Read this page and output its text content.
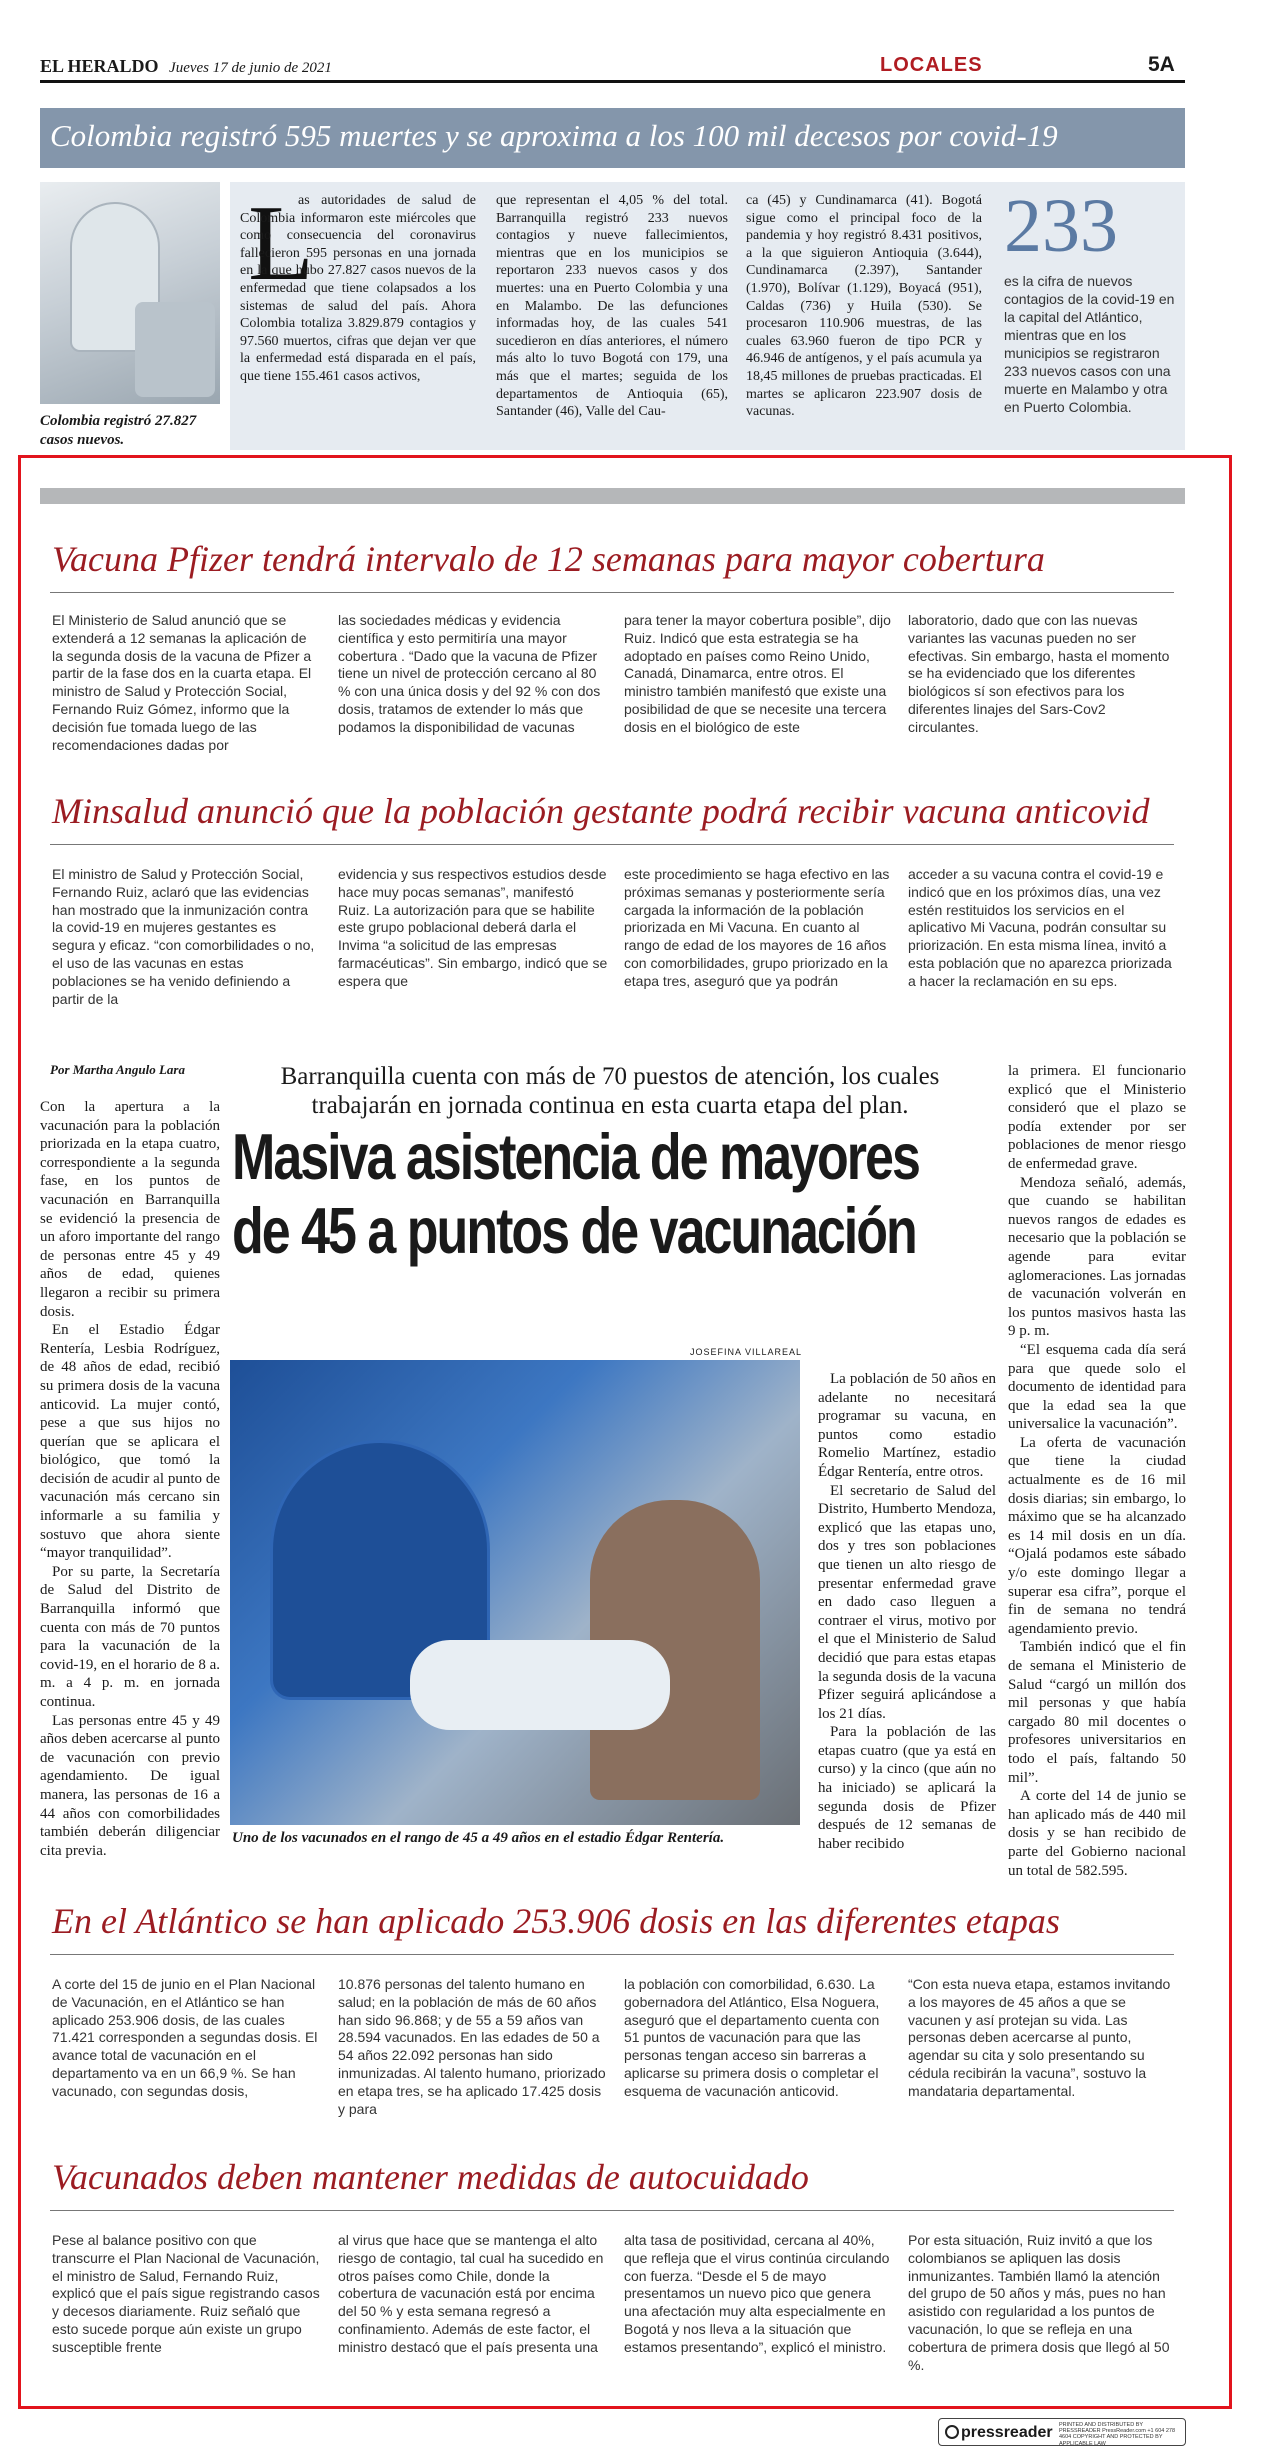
EL HERALDO Jueves 17 de junio de 2021	LOCALES	5A
Colombia registró 595 muertes y se aproxima a los 100 mil decesos por covid-19
Colombia registró 27.827 casos nuevos.
L
as autoridades de salud de Colombia informaron este miércoles que como consecuencia del coronavirus fallecieron 595 personas en una jornada en la que hubo 27.827 casos nuevos de la enfermedad que tiene colapsados a los sistemas de salud del país. Ahora Colombia totaliza 3.829.879 contagios y 97.560 muertos, cifras que dejan ver que la enfermedad está disparada en el país, que tiene 155.461 casos activos,
que representan el 4,05 % del total. Barranquilla registró 233 nuevos contagios y nueve fallecimientos, mientras que en los municipios se reportaron 233 nuevos casos y dos muertes: una en Puerto Colombia y una en Malambo. De las defunciones informadas hoy, de las cuales 541 sucedieron en días anteriores, el número más alto lo tuvo Bogotá con 179, una más que el martes; seguida de los departamentos de Antioquia (65), Santander (46), Valle del Cau-
ca (45) y Cundinamarca (41). Bogotá sigue como el principal foco de la pandemia y hoy registró 8.431 positivos, a la que siguieron Antioquia (3.644), Cundinamarca (2.397), Santander (1.970), Bolívar (1.129), Boyacá (951), Caldas (736) y Huila (530). Se procesaron 110.906 muestras, de las cuales 63.960 fueron de tipo PCR y 46.946 de antígenos, y el país acumula ya 18,45 millones de pruebas practicadas. El martes se aplicaron 223.907 dosis de vacunas.
233
es la cifra de nuevos contagios de la covid-19 en la capital del Atlántico, mientras que en los municipios se registraron 233 nuevos casos con una muerte en Malambo y otra en Puerto Colombia.
Vacuna Pfizer tendrá intervalo de 12 semanas para mayor cobertura
El Ministerio de Salud anunció que se extenderá a 12 semanas la aplicación de la segunda dosis de la vacuna de Pfizer a partir de la fase dos en la cuarta etapa. El ministro de Salud y Protección Social, Fernando Ruiz Gómez, informo que la decisión fue tomada luego de las recomendaciones dadas por
las sociedades médicas y evidencia científica y esto permitiría una mayor cobertura . “Dado que la vacuna de Pfizer tiene un nivel de protección cercano al 80 % con una única dosis y del 92 % con dos dosis, tratamos de extender lo más que podamos la disponibilidad de vacunas
para tener la mayor cobertura posible”, dijo Ruiz. Indicó que esta estrategia se ha adoptado en países como Reino Unido, Canadá, Dinamarca, entre otros. El ministro también manifestó que existe una posibilidad de que se necesite una tercera dosis en el biológico de este
laboratorio, dado que con las nuevas variantes las vacunas pueden no ser efectivas. Sin embargo, hasta el momento se ha evidenciado que los diferentes biológicos sí son efectivos para los diferentes linajes del Sars-Cov2 circulantes.
Minsalud anunció que la población gestante podrá recibir vacuna anticovid
El ministro de Salud y Protección Social, Fernando Ruiz, aclaró que las evidencias han mostrado que la inmunización contra la covid-19 en mujeres gestantes es segura y eficaz. “con comorbilidades o no, el uso de las vacunas en estas poblaciones se ha venido definiendo a partir de la
evidencia y sus respectivos estudios desde hace muy pocas semanas”, manifestó Ruiz. La autorización para que se habilite este grupo poblacional deberá darla el Invima “a solicitud de las empresas farmacéuticas”. Sin embargo, indicó que se espera que
este procedimiento se haga efectivo en las próximas semanas y posteriormente sería cargada la información de la población priorizada en Mi Vacuna. En cuanto al rango de edad de los mayores de 16 años con comorbilidades, grupo priorizado en la etapa tres, aseguró que ya podrán
acceder a su vacuna contra el covid-19 e indicó que en los próximos días, una vez estén restituidos los servicios en el aplicativo Mi Vacuna, podrán consultar su priorización. En esta misma línea, invitó a esta población que no aparezca priorizada a hacer la reclamación en su eps.
Por Martha Angulo Lara	Barranquilla cuenta con más de 70 puestos de atención, los cuales trabajarán en jornada continua en esta cuarta etapa del plan.
Masiva asistencia de mayores
de 45 a puntos de vacunación

Con la apertura a la vacunación para la población priorizada en la etapa cuatro, correspondiente a la segunda fase, en los puntos de vacunación en Barranquilla se evidenció la presencia de un aforo importante del rango de personas entre 45 y 49 años de edad, quienes llegaron a recibir su primera dosis.

En el Estadio Édgar Rentería, Lesbia Rodríguez, de 48 años de edad, recibió su primera dosis de la vacuna anticovid. La mujer contó, pese a que sus hijos no querían que se aplicara el biológico, que tomó la decisión de acudir al punto de vacunación más cercano sin informarle a su familia y sostuvo que ahora siente “mayor tranquilidad”.

Por su parte, la Secretaría de Salud del Distrito de Barranquilla informó que cuenta con más de 70 puntos para la vacunación de la covid-19, en el horario de 8 a. m. a 4 p. m. en jornada continua.

Las personas entre 45 y 49 años deben acercarse al punto de vacunación con previo agendamiento. De igual manera, las personas de 16 a 44 años con comorbilidades también deberán diligenciar cita previa.

JOSEFINA VILLAREAL
Uno de los vacunados en el rango de 45 a 49 años en el estadio Édgar Rentería.

La población de 50 años en adelante no necesitará programar su vacuna, en puntos como estadio Romelio Martínez, estadio Édgar Rentería, entre otros.

El secretario de Salud del Distrito, Humberto Mendoza, explicó que las etapas uno, dos y tres son poblaciones que tienen un alto riesgo de presentar enfermedad grave en dado caso lleguen a contraer el virus, motivo por el que el Ministerio de Salud decidió que para estas etapas la segunda dosis de la vacuna Pfizer seguirá aplicándose a los 21 días.

Para la población de las etapas cuatro (que ya está en curso) y la cinco (que aún no ha iniciado) se aplicará la segunda dosis de Pfizer después de 12 semanas de haber recibido

la primera. El funcionario explicó que el Ministerio consideró que el plazo se podía extender por ser poblaciones de menor riesgo de enfermedad grave.

Mendoza señaló, además, que cuando se habilitan nuevos rangos de edades es necesario que la población se agende para evitar aglomeraciones. Las jornadas de vacunación volverán en los puntos masivos hasta las 9 p. m.

“El esquema cada día será para que quede solo el documento de identidad para que la edad sea la que universalice la vacunación”.

La oferta de vacunación que tiene la ciudad actualmente es de 16 mil dosis diarias; sin embargo, lo máximo que se ha alcanzado es 14 mil dosis en un día. “Ojalá podamos este sábado y/o este domingo llegar a superar esa cifra”, porque el fin de semana no tendrá agendamiento previo.

También indicó que el fin de semana el Ministerio de Salud “cargó un millón dos mil personas y que había cargado 80 mil docentes o profesores universitarios en todo el país, faltando 50 mil”.

A corte del 14 de junio se han aplicado más de 440 mil dosis y se han recibido de parte del Gobierno nacional un total de 582.595.

En el Atlántico se han aplicado 253.906 dosis en las diferentes etapas
A corte del 15 de junio en el Plan Nacional de Vacunación, en el Atlántico se han aplicado 253.906 dosis, de las cuales 71.421 corresponden a segundas dosis. El avance total de vacunación en el departamento va en un 66,9 %. Se han vacunado, con segundas dosis,
10.876 personas del talento humano en salud; en la población de más de 60 años han sido 96.868; y de 55 a 59 años van 28.594 vacunados. En las edades de 50 a 54 años 22.092 personas han sido inmunizadas. Al talento humano, priorizado en etapa tres, se ha aplicado 17.425 dosis y para
la población con comorbilidad, 6.630. La gobernadora del Atlántico, Elsa Noguera, aseguró que el departamento cuenta con 51 puntos de vacunación para que las personas tengan acceso sin barreras a aplicarse su primera dosis o completar el esquema de vacunación anticovid.
“Con esta nueva etapa, estamos invitando a los mayores de 45 años a que se vacunen y así protejan su vida. Las personas deben acercarse al punto, agendar su cita y solo presentando su cédula recibirán la vacuna”, sostuvo la mandataria departamental.
Vacunados deben mantener medidas de autocuidado
Pese al balance positivo con que transcurre el Plan Nacional de Vacunación, el ministro de Salud, Fernando Ruiz, explicó que el país sigue registrando casos y decesos diariamente. Ruiz señaló que esto sucede porque aún existe un grupo susceptible frente
al virus que hace que se mantenga el alto riesgo de contagio, tal cual ha sucedido en otros países como Chile, donde la cobertura de vacunación está por encima del 50 % y esta semana regresó a confinamiento. Además de este factor, el ministro destacó que el país presenta una
alta tasa de positividad, cercana al 40%, que refleja que el virus continúa circulando con fuerza. “Desde el 5 de mayo presentamos un nuevo pico que genera una afectación muy alta especialmente en Bogotá y nos lleva a la situación que estamos presentando”, explicó el ministro.
Por esta situación, Ruiz invitó a que los colombianos se apliquen las dosis inmunizantes. También llamó la atención del grupo de 50 años y más, pues no han asistido con regularidad a los puntos de vacunación, lo que se refleja en una cobertura de primera dosis que llegó al 50 %.
pressreader PRINTED AND DISTRIBUTED BY PRESSREADER PressReader.com +1 604 278 4604 COPYRIGHT AND PROTECTED BY APPLICABLE LAW
